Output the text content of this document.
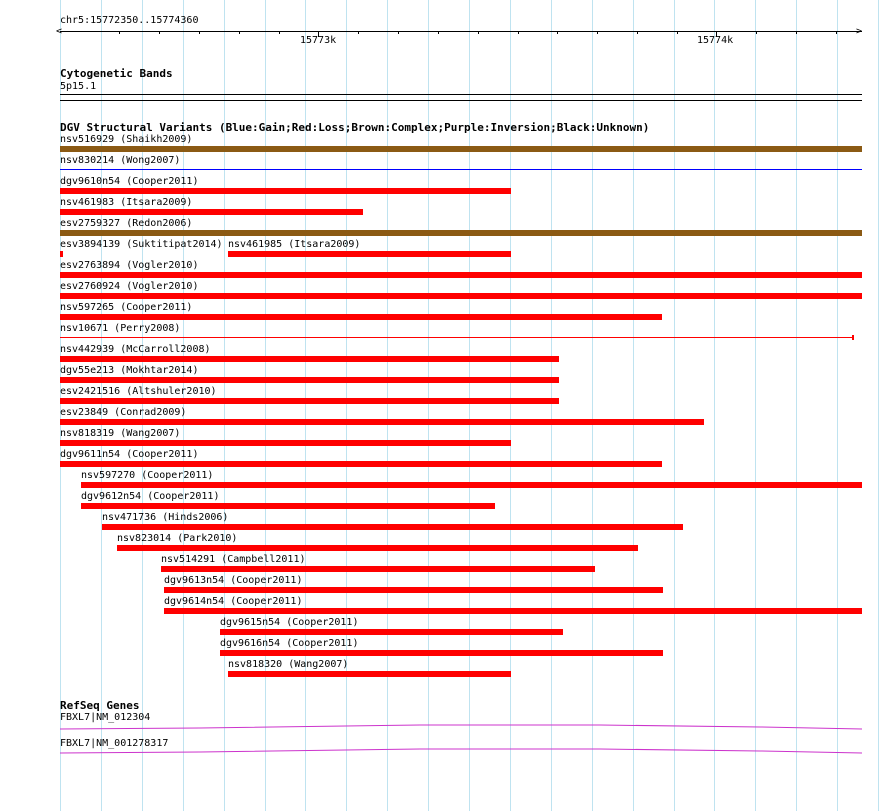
chr5:15772350..15774360
<	>
15773k	15774k
Cytogenetic Bands
5p15.1
DGV Structural Variants (Blue:Gain;Red:Loss;Brown:Complex;Purple:Inversion;Black:Unknown)
nsv516929 (Shaikh2009)
nsv830214 (Wong2007)
dgv9610n54 (Cooper2011)
nsv461983 (Itsara2009)
esv2759327 (Redon2006)
esv3894139 (Suktitipat2014) nsv461985 (Itsara2009)
esv2763894 (Vogler2010)
esv2760924 (Vogler2010)
nsv597265 (Cooper2011)
nsv10671 (Perry2008)
nsv442939 (McCarroll2008)
dgv55e213 (Mokhtar2014)
esv2421516 (Altshuler2010)
esv23849 (Conrad2009)
nsv818319 (Wang2007)
dgv9611n54 (Cooper2011)
nsv597270 (Cooper2011)
dgv9612n54 (Cooper2011)
nsv471736 (Hinds2006)
nsv823014 (Park2010)
nsv514291 (Campbell2011)
dgv9613n54 (Cooper2011)
dgv9614n54 (Cooper2011)
dgv9615n54 (Cooper2011)
dgv9616n54 (Cooper2011)
nsv818320 (Wang2007)
RefSeq Genes
FBXL7|NM_012304
FBXL7|NM_001278317
